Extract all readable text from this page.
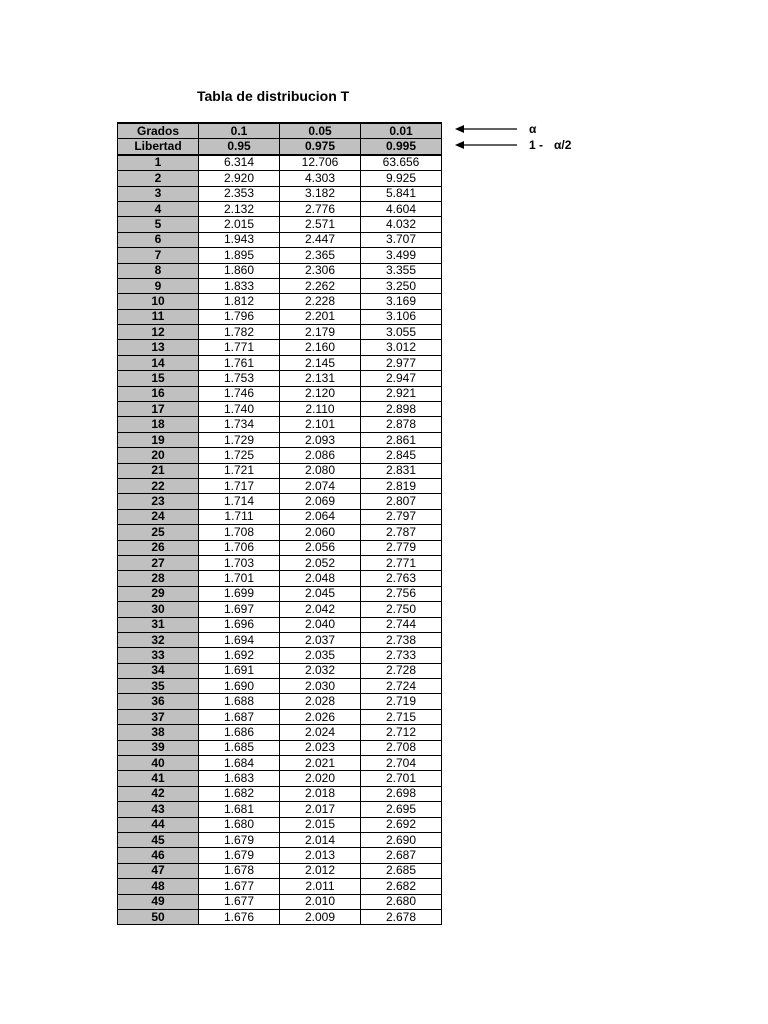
Tabla de distribucion T
Grados	0.1	0.05	0.01
Libertad	0.95	0.975	0.995
1	6.314	12.706	63.656
2	2.920	4.303	9.925
3	2.353	3.182	5.841
4	2.132	2.776	4.604
5	2.015	2.571	4.032
6	1.943	2.447	3.707
7	1.895	2.365	3.499
8	1.860	2.306	3.355
9	1.833	2.262	3.250
10	1.812	2.228	3.169
11	1.796	2.201	3.106
12	1.782	2.179	3.055
13	1.771	2.160	3.012
14	1.761	2.145	2.977
15	1.753	2.131	2.947
16	1.746	2.120	2.921
17	1.740	2.110	2.898
18	1.734	2.101	2.878
19	1.729	2.093	2.861
20	1.725	2.086	2.845
21	1.721	2.080	2.831
22	1.717	2.074	2.819
23	1.714	2.069	2.807
24	1.711	2.064	2.797
25	1.708	2.060	2.787
26	1.706	2.056	2.779
27	1.703	2.052	2.771
28	1.701	2.048	2.763
29	1.699	2.045	2.756
30	1.697	2.042	2.750
31	1.696	2.040	2.744
32	1.694	2.037	2.738
33	1.692	2.035	2.733
34	1.691	2.032	2.728
35	1.690	2.030	2.724
36	1.688	2.028	2.719
37	1.687	2.026	2.715
38	1.686	2.024	2.712
39	1.685	2.023	2.708
40	1.684	2.021	2.704
41	1.683	2.020	2.701
42	1.682	2.018	2.698
43	1.681	2.017	2.695
44	1.680	2.015	2.692
45	1.679	2.014	2.690
46	1.679	2.013	2.687
47	1.678	2.012	2.685
48	1.677	2.011	2.682
49	1.677	2.010	2.680
50	1.676	2.009	2.678
α
1 - α/2
